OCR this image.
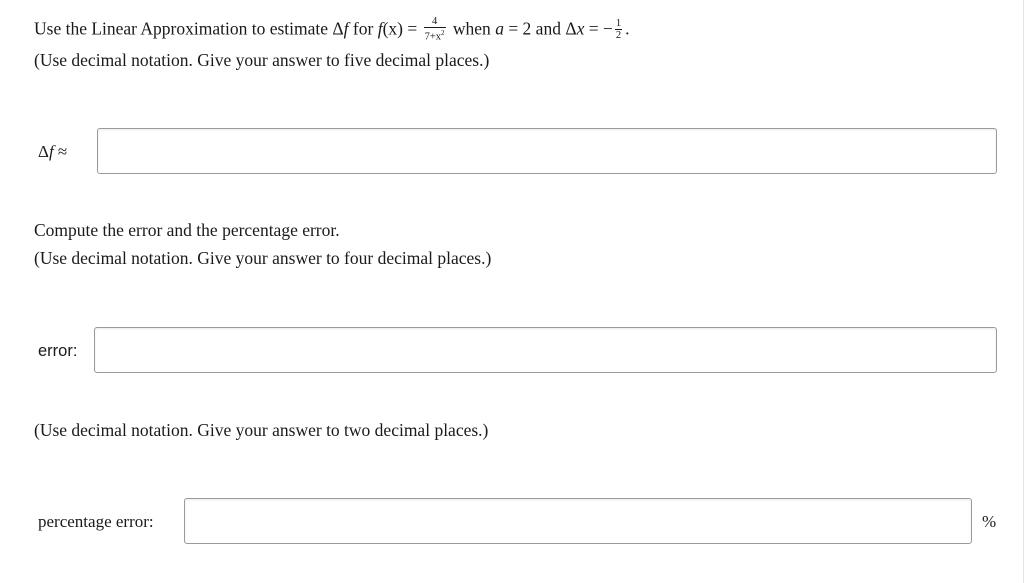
Use the Linear Approximation to estimate Δf for $f(x) = \frac{4}{7+x^2}$ when a = 2 and Δx = − $\frac{1}{2}$ .
(Use decimal notation. Give your answer to five decimal places.)
Δf ≈
Compute the error and the percentage error.
(Use decimal notation. Give your answer to four decimal places.)
error:
(Use decimal notation. Give your answer to two decimal places.)
percentage error:	%
